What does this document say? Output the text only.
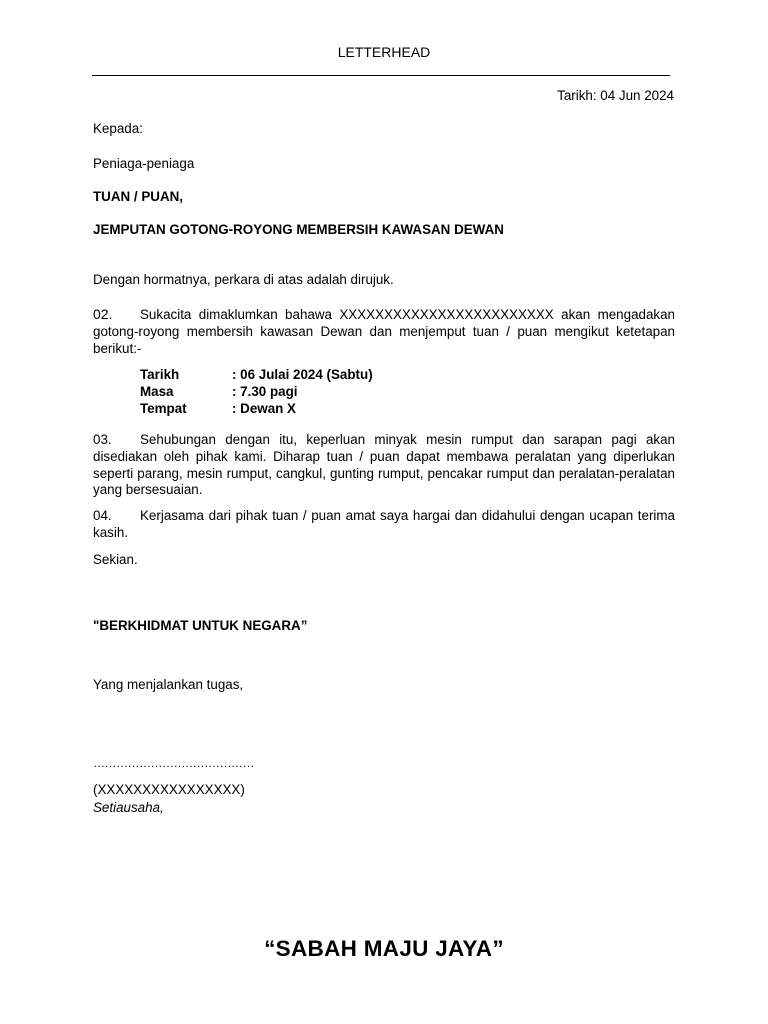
LETTERHEAD
Tarikh: 04 Jun 2024
Kepada:
Peniaga-peniaga
TUAN / PUAN,
JEMPUTAN GOTONG-ROYONG MEMBERSIH KAWASAN DEWAN
Dengan hormatnya, perkara di atas adalah dirujuk.
02. Sukacita dimaklumkan bahawa XXXXXXXXXXXXXXXXXXXXXXXX akan mengadakan gotong-royong membersih kawasan Dewan dan menjemput tuan / puan mengikut ketetapan berikut:-
Tarikh	: 06 Julai 2024 (Sabtu)
Masa	: 7.30 pagi
Tempat	: Dewan X
03. Sehubungan dengan itu, keperluan minyak mesin rumput dan sarapan pagi akan disediakan oleh pihak kami. Diharap tuan / puan dapat membawa peralatan yang diperlukan seperti parang, mesin rumput, cangkul, gunting rumput, pencakar rumput dan peralatan-peralatan yang bersesuaian.
04. Kerjasama dari pihak tuan / puan amat saya hargai dan didahului dengan ucapan terima kasih.
Sekian.
"BERKHIDMAT UNTUK NEGARA”
Yang menjalankan tugas,
……………………………………
(XXXXXXXXXXXXXXXX)
Setiausaha,
“SABAH MAJU JAYA”
